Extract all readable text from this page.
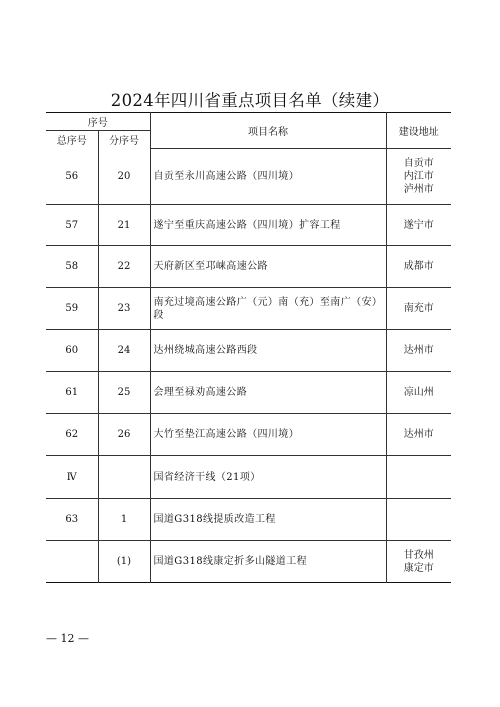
2024年四川省重点项目名单（续建）
序号		项目名称	建设地址
总序号	分序号		
56	20	自贡至永川高速公路（四川境）	自贡市
内江市
泸州市

57	21	遂宁至重庆高速公路（四川境）扩容工程	遂宁市

58	22	天府新区至邛崃高速公路	成都市

59	23	南充过境高速公路广（元）南（充）至南广（安）段	南充市

60	24	达州绕城高速公路西段	达州市

61	25	会理至禄劝高速公路	凉山州

62	26	大竹至垫江高速公路（四川境）	达州市

Ⅳ		国省经济干线（21项）	
63	1	国道G318线提质改造工程	
	(1)	国道G318线康定折多山隧道工程	甘孜州
康定市
— 12 —
